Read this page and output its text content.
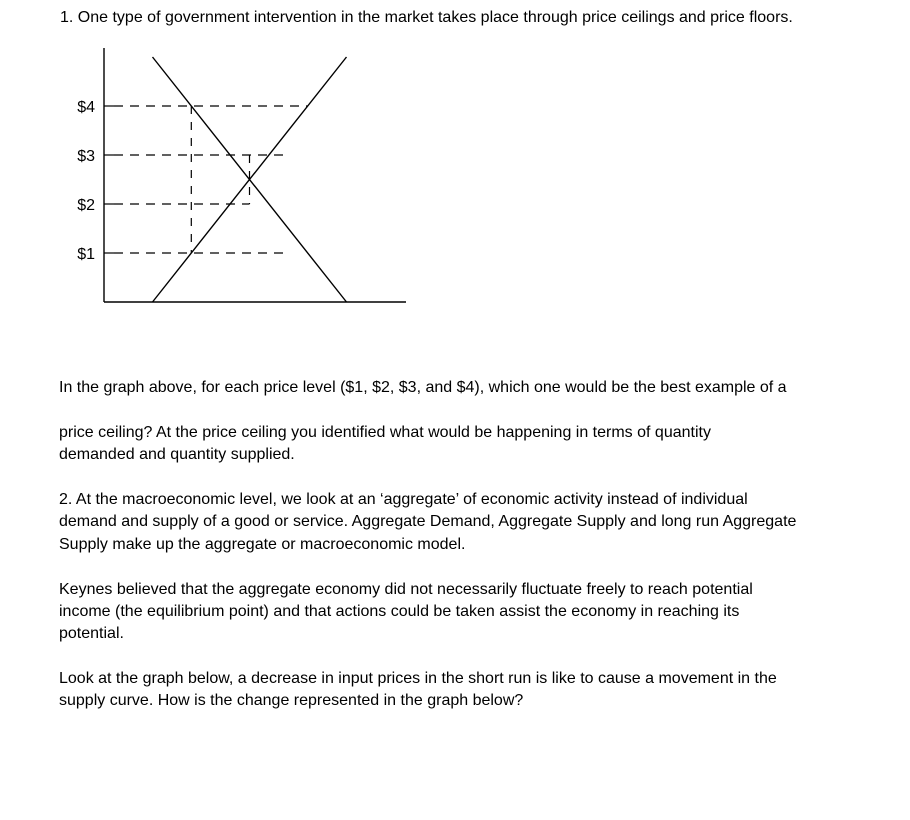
1. One type of government intervention in the market takes place through price ceilings and price floors.

$1
$2
$3
$4

In the graph above, for each price level ($1, $2, $3, and $4), which one would be the best example of a

price ceiling? At the price ceiling you identified what would be happening in terms of quantity

demanded and quantity supplied.

2. At the macroeconomic level, we look at an ‘aggregate’ of economic activity instead of individual

demand and supply of a good or service. Aggregate Demand, Aggregate Supply and long run Aggregate

Supply make up the aggregate or macroeconomic model.

Keynes believed that the aggregate economy did not necessarily fluctuate freely to reach potential

income (the equilibrium point) and that actions could be taken assist the economy in reaching its

potential.

Look at the graph below, a decrease in input prices in the short run is like to cause a movement in the

supply curve. How is the change represented in the graph below?
